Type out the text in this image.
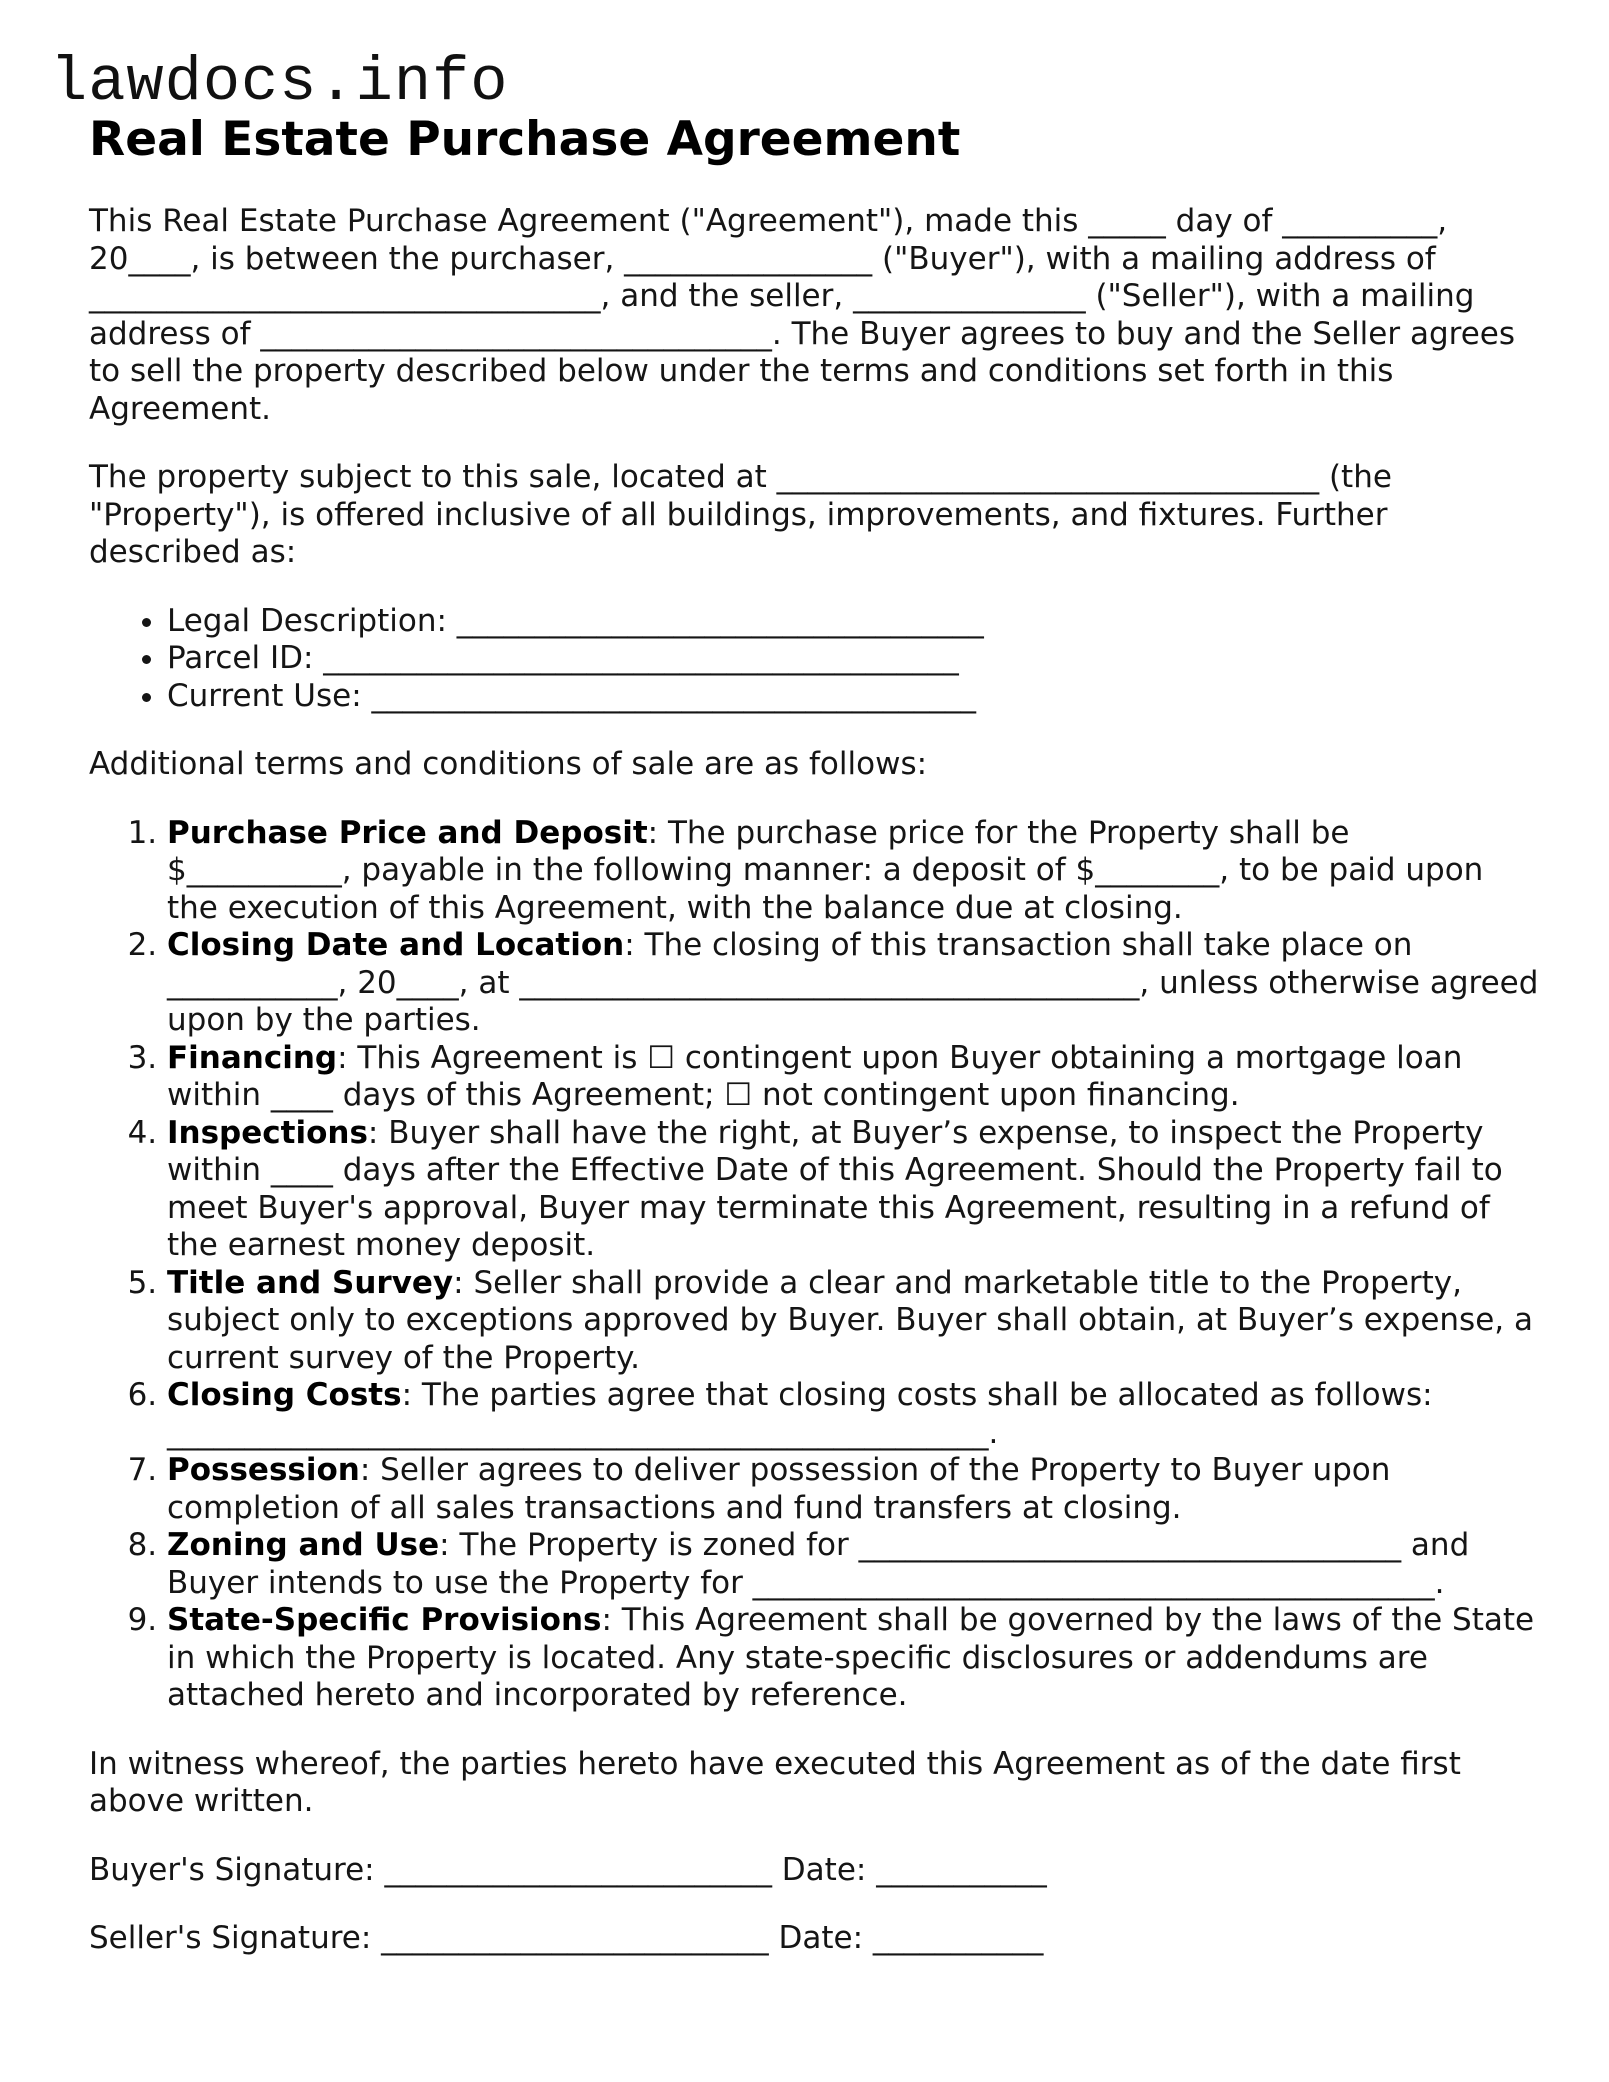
lawdocs.info
Real Estate Purchase Agreement

This Real Estate Purchase Agreement ("Agreement"), made this _____ day of __________, 20____, is between the purchaser, ________________ ("Buyer"), with a mailing address of _________________________________, and the seller, _______________ ("Seller"), with a mailing address of _________________________________. The Buyer agrees to buy and the Seller agrees to sell the property described below under the terms and conditions set forth in this Agreement.

The property subject to this sale, located at ___________________________________ (the "Property"), is offered inclusive of all buildings, improvements, and fixtures. Further described as:

• Legal Description: __________________________________
• Parcel ID: _________________________________________
• Current Use: _______________________________________

Additional terms and conditions of sale are as follows:

1. Purchase Price and Deposit: The purchase price for the Property shall be $__________, payable in the following manner: a deposit of $________, to be paid upon the execution of this Agreement, with the balance due at closing.
2. Closing Date and Location: The closing of this transaction shall take place on ___________, 20____, at ________________________________________, unless otherwise agreed upon by the parties.
3. Financing: This Agreement is ☐ contingent upon Buyer obtaining a mortgage loan within ____ days of this Agreement; ☐ not contingent upon financing.
4. Inspections: Buyer shall have the right, at Buyer’s expense, to inspect the Property within ____ days after the Effective Date of this Agreement. Should the Property fail to meet Buyer's approval, Buyer may terminate this Agreement, resulting in a refund of the earnest money deposit.
5. Title and Survey: Seller shall provide a clear and marketable title to the Property, subject only to exceptions approved by Buyer. Buyer shall obtain, at Buyer’s expense, a current survey of the Property.
6. Closing Costs: The parties agree that closing costs shall be allocated as follows: _____________________________________________________.
7. Possession: Seller agrees to deliver possession of the Property to Buyer upon completion of all sales transactions and fund transfers at closing.
8. Zoning and Use: The Property is zoned for ___________________________________ and Buyer intends to use the Property for ____________________________________________.
9. State-Specific Provisions: This Agreement shall be governed by the laws of the State in which the Property is located. Any state-specific disclosures or addendums are attached hereto and incorporated by reference.

In witness whereof, the parties hereto have executed this Agreement as of the date first above written.

Buyer's Signature: _________________________ Date: ___________

Seller's Signature: _________________________ Date: ___________
